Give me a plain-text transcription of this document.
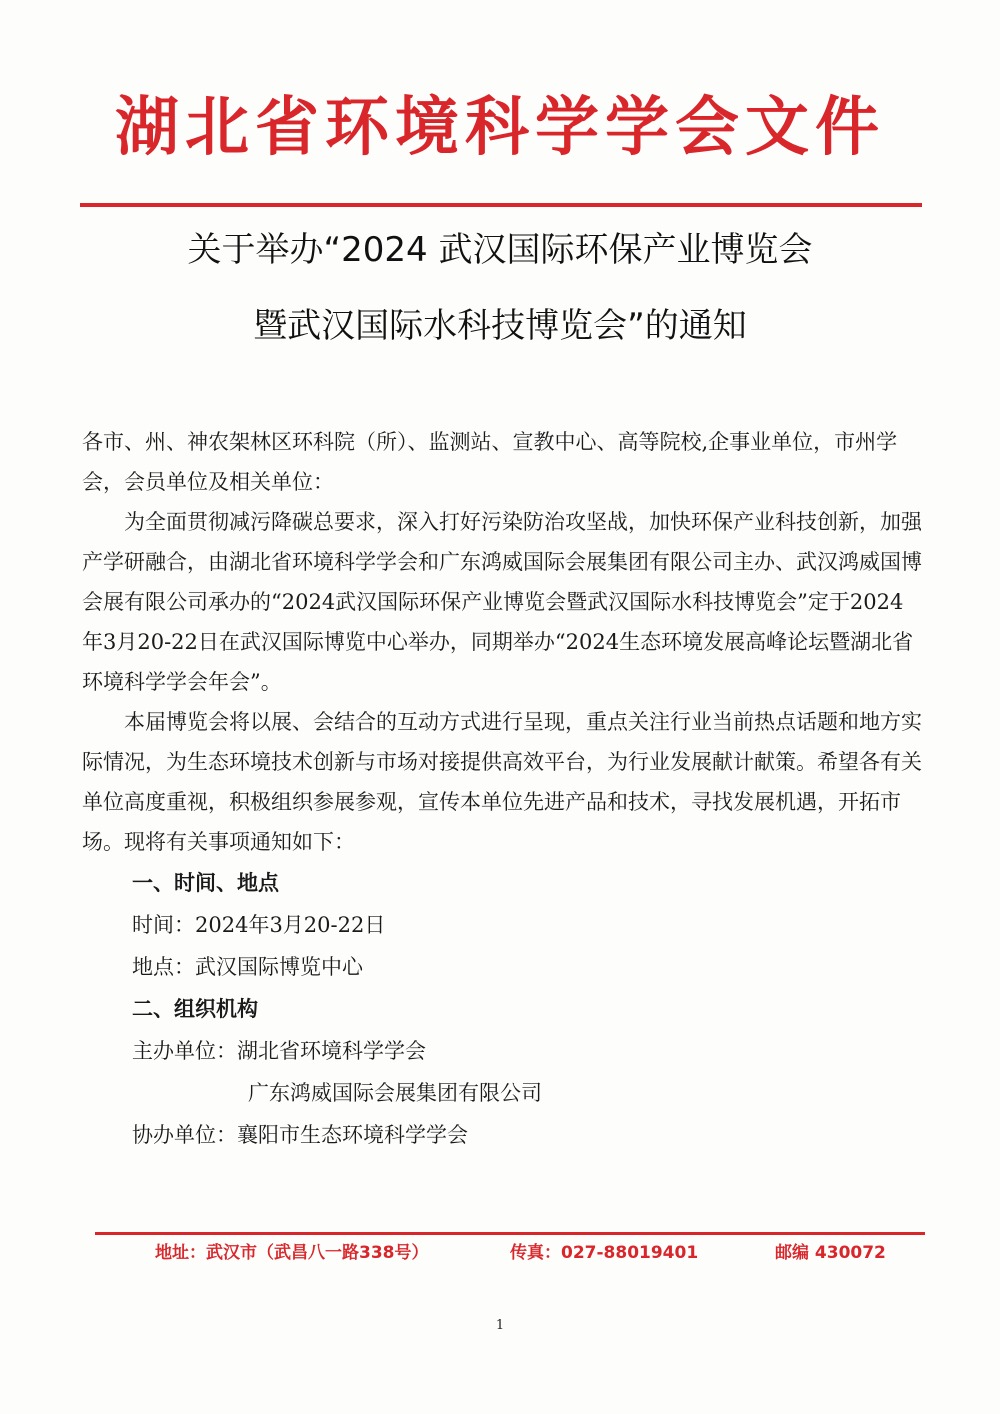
湖北省环境科学学会文件
关于举办“2024 武汉国际环保产业博览会
暨武汉国际水科技博览会”的通知

各市、州、神农架林区环科院（所）、监测站、宣教中心、高等院校,企事业单位，市州学会，会员单位及相关单位：

为全面贯彻减污降碳总要求，深入打好污染防治攻坚战，加快环保产业科技创新，加强产学研融合，由湖北省环境科学学会和广东鸿威国际会展集团有限公司主办、武汉鸿威国博会展有限公司承办的“2024武汉国际环保产业博览会暨武汉国际水科技博览会”定于2024年3月20-22日在武汉国际博览中心举办，同期举办“2024生态环境发展高峰论坛暨湖北省环境科学学会年会”。

本届博览会将以展、会结合的互动方式进行呈现，重点关注行业当前热点话题和地方实际情况，为生态环境技术创新与市场对接提供高效平台，为行业发展献计献策。希望各有关单位高度重视，积极组织参展参观，宣传本单位先进产品和技术，寻找发展机遇，开拓市场。现将有关事项通知如下：

一、时间、地点

时间：2024年3月20-22日

地点：武汉国际博览中心

二、组织机构

主办单位：湖北省环境科学学会

广东鸿威国际会展集团有限公司

协办单位：襄阳市生态环境科学学会

地址：武汉市（武昌八一路338号）	传真：027-88019401	邮编 430072
1
